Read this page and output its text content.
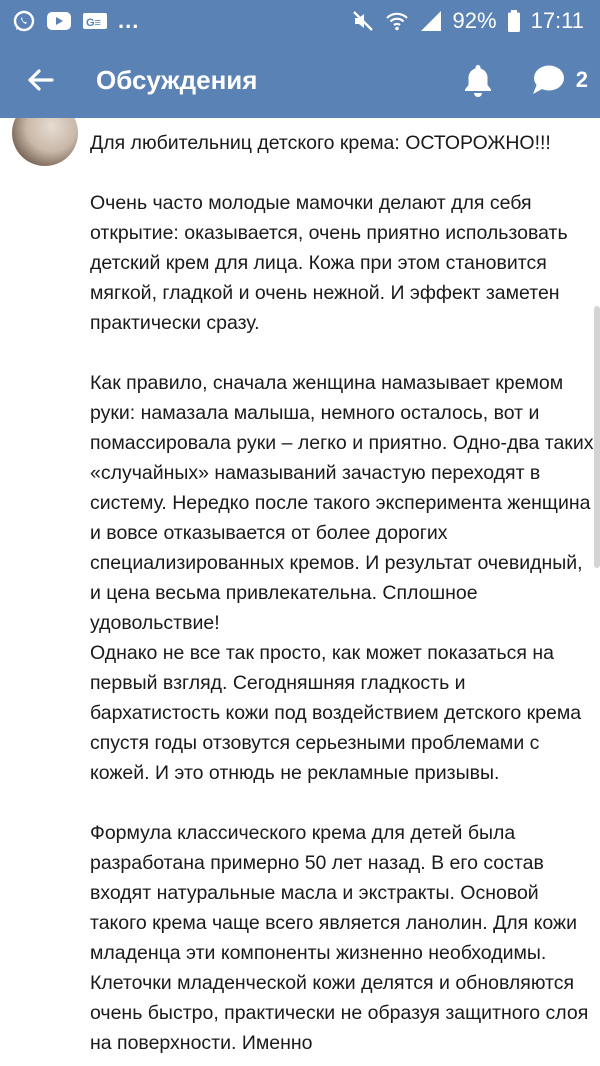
G≡ ...	92% 17:11
Обсуждения	2

Для любительниц детского крема: ОСТОРОЖНО!!!

Очень часто молодые мамочки делают для себя открытие: оказывается, очень приятно использовать детский крем для лица. Кожа при этом становится мягкой, гладкой и очень нежной. И эффект заметен практически сразу.

Как правило, сначала женщина намазывает кремом руки: намазала малыша, немного осталось, вот и помассировала руки – легко и приятно. Одно-два таких «случайных» намазываний зачастую переходят в систему. Нередко после такого эксперимента женщина и вовсе отказывается от более дорогих специализированных кремов. И результат очевидный, и цена весьма привлекательна. Сплошное удовольствие!

Однако не все так просто, как может показаться на первый взгляд. Сегодняшняя гладкость и бархатистость кожи под воздействием детского крема спустя годы отзовутся серьезными проблемами с кожей. И это отнюдь не рекламные призывы.

Формула классического крема для детей была разработана примерно 50 лет назад. В его состав входят натуральные масла и экстракты. Основой такого крема чаще всего является ланолин. Для кожи младенца эти компоненты жизненно необходимы. Клеточки младенческой кожи делятся и обновляются очень быстро, практически не образуя защитного слоя на поверхности. Именно
